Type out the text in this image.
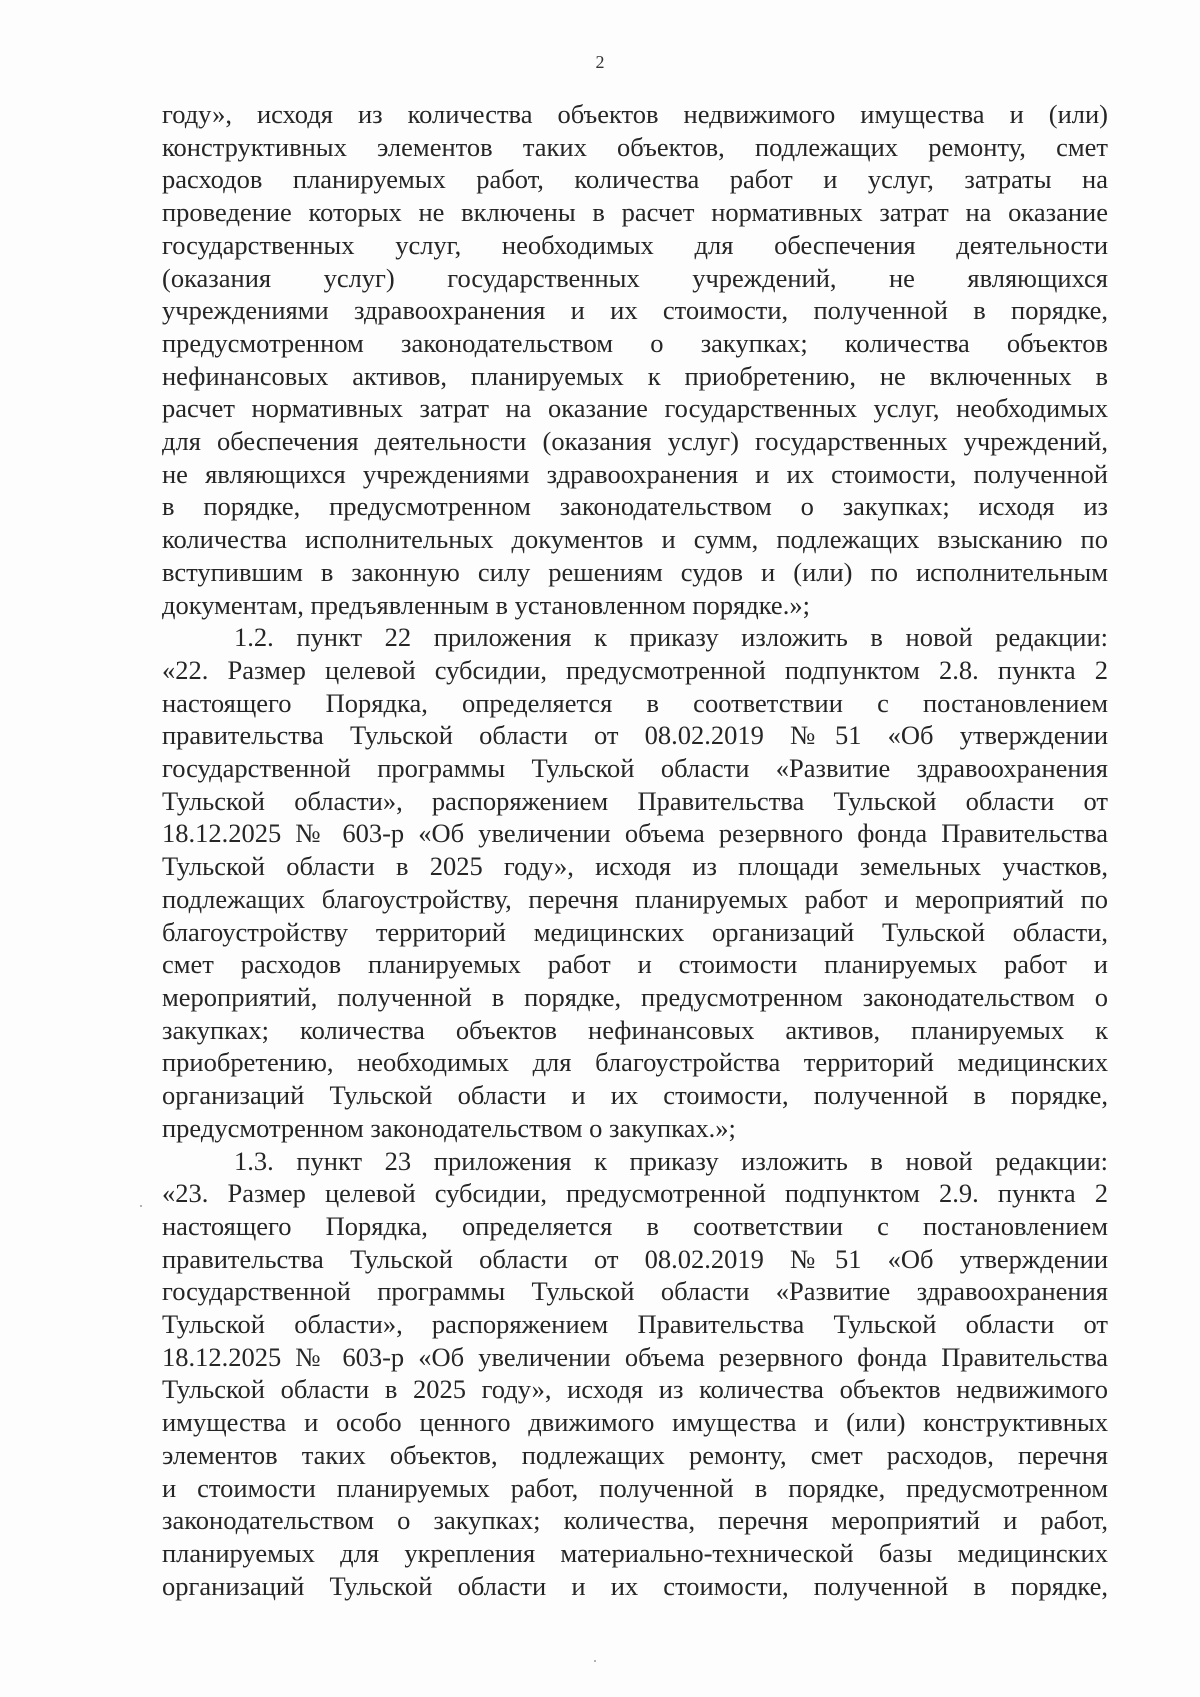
2
году», исходя из количества объектов недвижимого имущества и (или)
конструктивных элементов таких объектов, подлежащих ремонту, смет
расходов планируемых работ, количества работ и услуг, затраты на
проведение которых не включены в расчет нормативных затрат на оказание
государственных услуг, необходимых для обеспечения деятельности
(оказания услуг) государственных учреждений, не являющихся
учреждениями здравоохранения и их стоимости, полученной в порядке,
предусмотренном законодательством о закупках; количества объектов
нефинансовых активов, планируемых к приобретению, не включенных в
расчет нормативных затрат на оказание государственных услуг, необходимых
для обеспечения деятельности (оказания услуг) государственных учреждений,
не являющихся учреждениями здравоохранения и их стоимости, полученной
в порядке, предусмотренном законодательством о закупках; исходя из
количества исполнительных документов и сумм, подлежащих взысканию по
вступившим в законную силу решениям судов и (или) по исполнительным
документам, предъявленным в установленном порядке.»;
1.2. пункт 22 приложения к приказу изложить в новой редакции:
«22. Размер целевой субсидии, предусмотренной подпунктом 2.8. пункта 2
настоящего Порядка, определяется в соответствии с постановлением
правительства Тульской области от 08.02.2019 №51 «Об утверждении
государственной программы Тульской области «Развитие здравоохранения
Тульской области», распоряжением Правительства Тульской области от
18.12.2025 № 603-р «Об увеличении объема резервного фонда Правительства
Тульской области в 2025 году», исходя из площади земельных участков,
подлежащих благоустройству, перечня планируемых работ и мероприятий по
благоустройству территорий медицинских организаций Тульской области,
смет расходов планируемых работ и стоимости планируемых работ и
мероприятий, полученной в порядке, предусмотренном законодательством о
закупках; количества объектов нефинансовых активов, планируемых к
приобретению, необходимых для благоустройства территорий медицинских
организаций Тульской области и их стоимости, полученной в порядке,
предусмотренном законодательством о закупках.»;
1.3. пункт 23 приложения к приказу изложить в новой редакции:
«23. Размер целевой субсидии, предусмотренной подпунктом 2.9. пункта 2
настоящего Порядка, определяется в соответствии с постановлением
правительства Тульской области от 08.02.2019 №51 «Об утверждении
государственной программы Тульской области «Развитие здравоохранения
Тульской области», распоряжением Правительства Тульской области от
18.12.2025 № 603-р «Об увеличении объема резервного фонда Правительства
Тульской области в 2025 году», исходя из количества объектов недвижимого
имущества и особо ценного движимого имущества и (или) конструктивных
элементов таких объектов, подлежащих ремонту, смет расходов, перечня
и стоимости планируемых работ, полученной в порядке, предусмотренном
законодательством о закупках; количества, перечня мероприятий и работ,
планируемых для укрепления материально-технической базы медицинских
организаций Тульской области и их стоимости, полученной в порядке,
